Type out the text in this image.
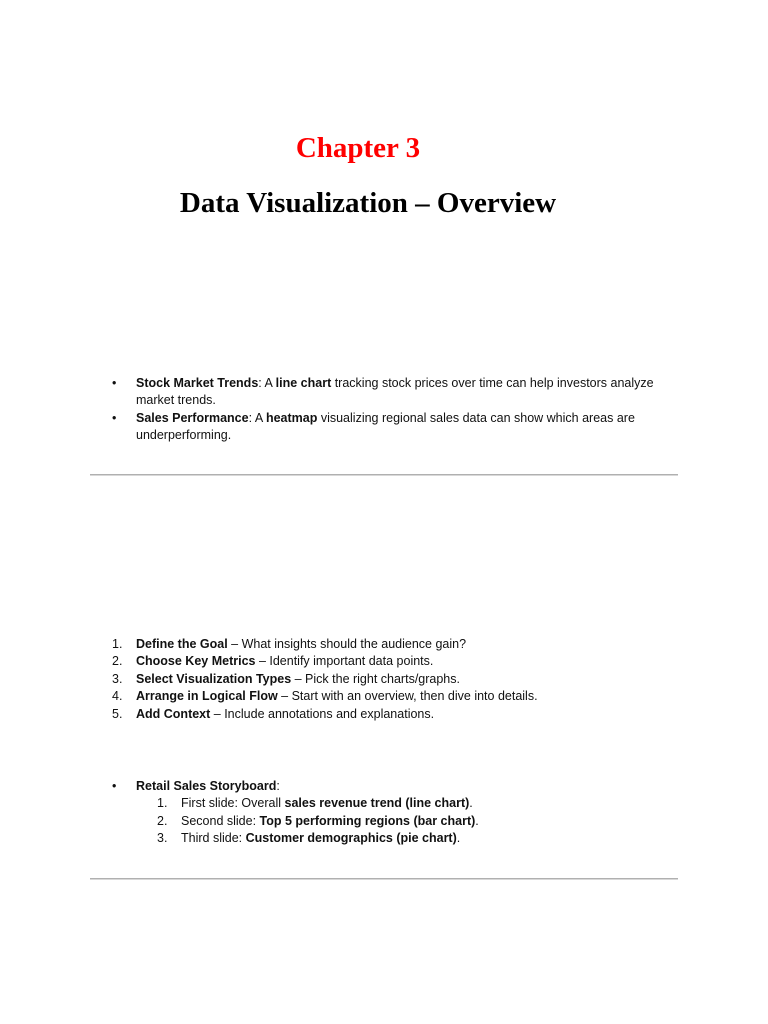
Chapter 3
Data Visualization – Overview
•	Stock Market Trends: A line chart tracking stock prices over time can help investors analyze market trends.
•	Sales Performance: A heatmap visualizing regional sales data can show which areas are underperforming.
1.	Define the Goal – What insights should the audience gain?
2.	Choose Key Metrics – Identify important data points.
3.	Select Visualization Types – Pick the right charts/graphs.
4.	Arrange in Logical Flow – Start with an overview, then dive into details.
5.	Add Context – Include annotations and explanations.
•	Retail Sales Storyboard:
1.	First slide: Overall sales revenue trend (line chart).
2.	Second slide: Top 5 performing regions (bar chart).
3.	Third slide: Customer demographics (pie chart).
